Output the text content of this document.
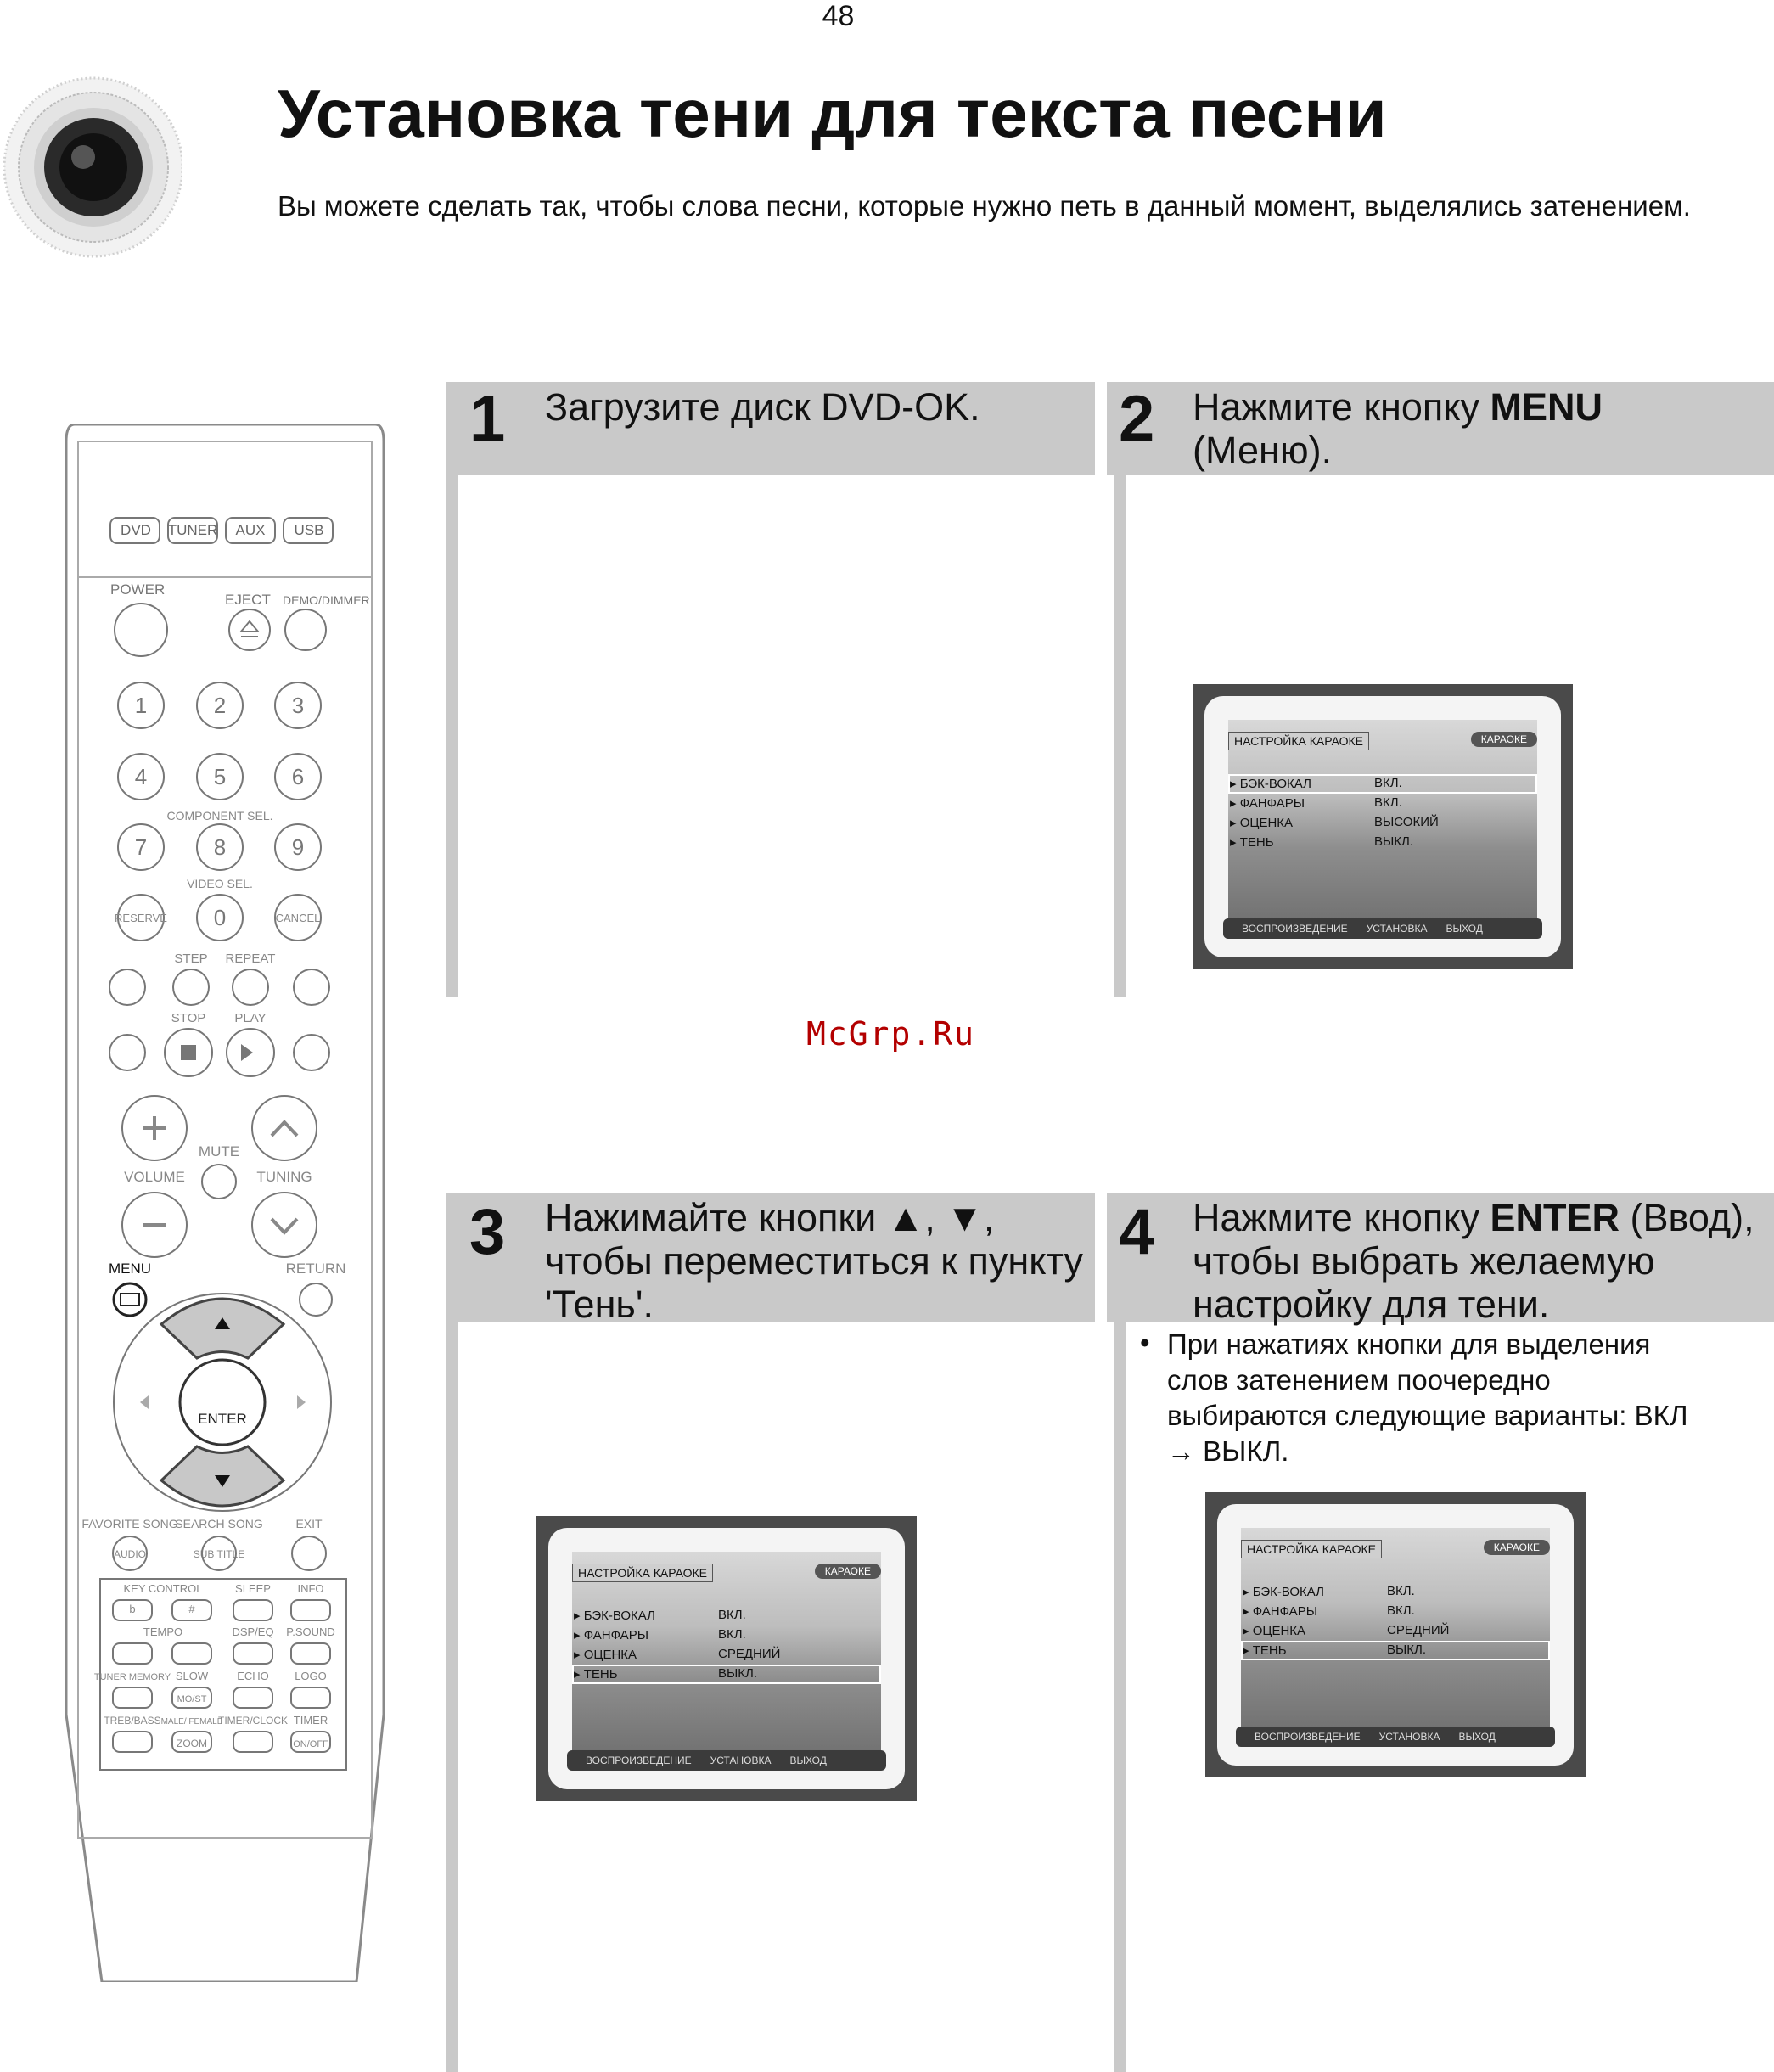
48
Установка тени для текста песни
Вы можете сделать так, чтобы слова песни, которые нужно петь в данный момент, выделялись затенением.
1 Загрузите диск DVD-OK.	2 Нажмите кнопку MENU
(Меню).
3 Нажимайте кнопки ▲, ▼,
чтобы переместиться к пункту
'Тень'.
4 Нажмите кнопку ENTER (Ввод),
чтобы выбрать желаемую
настройку для тени.
• При нажатиях кнопки для выделения слов затенением поочередно выбираются следующие варианты: ВКЛ → ВЫКЛ.
McGrp.Ru
НАСТРОЙКА КАРАОКЕ	КАРАОКЕ
▸ БЭК-ВОКАЛ	ВКЛ.
▸ ФАНФАРЫ	ВКЛ.
▸ ОЦЕНКА	ВЫСОКИЙ
▸ ТЕНЬ	ВЫКЛ.
ВОСПРОИЗВЕДЕНИЕ УСТАНОВКА ВЫХОД
НАСТРОЙКА КАРАОКЕ	КАРАОКЕ
▸ БЭК-ВОКАЛ	ВКЛ.
▸ ФАНФАРЫ	ВКЛ.
▸ ОЦЕНКА	СРЕДНИЙ
▸ ТЕНЬ	ВЫКЛ.
ВОСПРОИЗВЕДЕНИЕ УСТАНОВКА ВЫХОД
НАСТРОЙКА КАРАОКЕ	КАРАОКЕ
▸ БЭК-ВОКАЛ	ВКЛ.
▸ ФАНФАРЫ	ВКЛ.
▸ ОЦЕНКА	СРЕДНИЙ
▸ ТЕНЬ	ВЫКЛ.
ВОСПРОИЗВЕДЕНИЕ УСТАНОВКА ВЫХОД
DVD TUNER AUX USB
POWER
EJECT DEMO/DIMMER
1	2	3
4	5	6
7	8	9
0
COMPONENT SEL.
VIDEO SEL.
RESERVE	CANCEL
STEP REPEAT
STOP PLAY
MUTE
VOLUME	TUNING
MENU	RETURN
ENTER
FAVORITE SONG
SEARCH SONG	EXIT
AUDIO	SUB TITLE
KEY CONTROL	SLEEP INFO
b	#
TEMPO	DSP/EQ P.SOUND
TUNER MEMORY SLOW	ECHO LOGO
MO/ST
TREB/BASS MALE/ FEMALE
TIMER/CLOCK TIMER
ZOOM	ON/OFF
